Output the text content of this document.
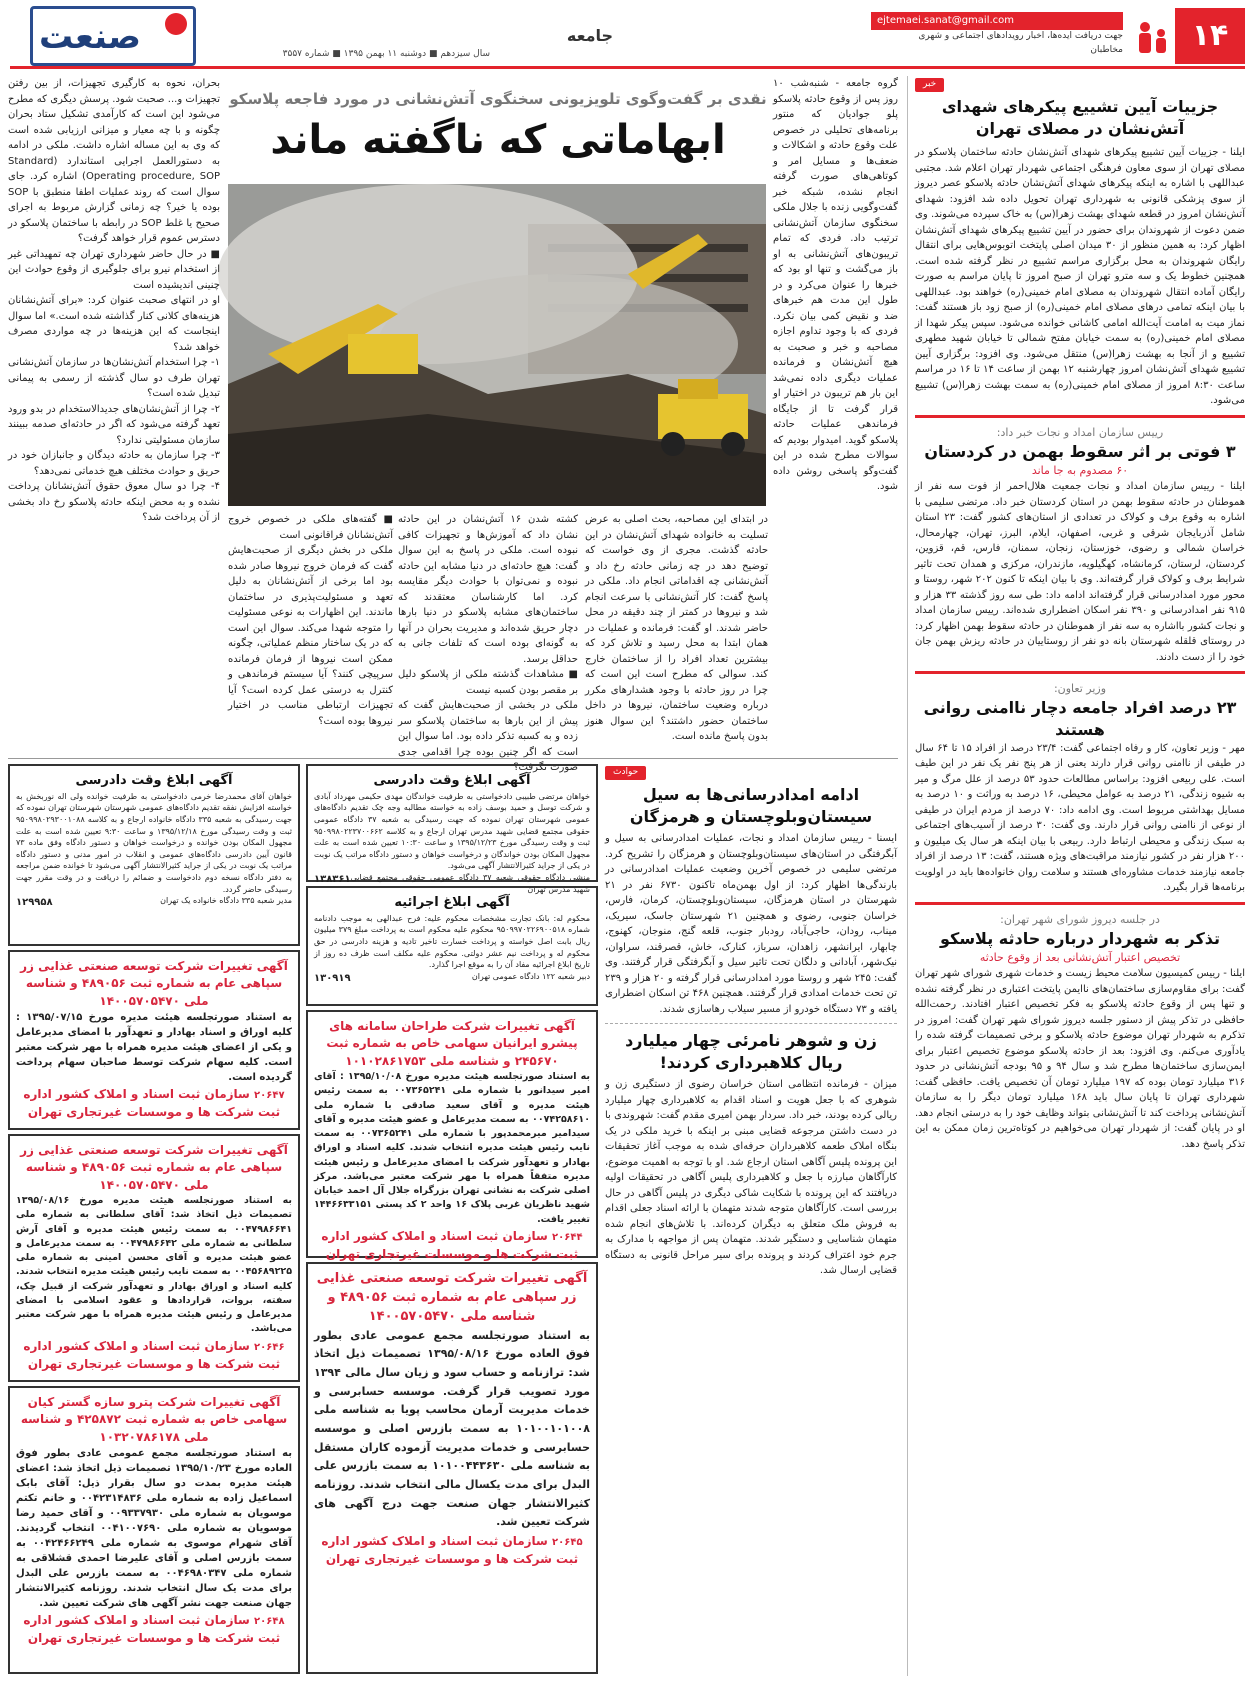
۱۴
ejtemaei.sanat@gmail.com
جهت دریافت ایده‌ها، اخبار رویدادهای اجتماعی و شهری مخاطبان
جامعه
صنعت	سال سیزدهم ■ دوشنبه ۱۱ بهمن ۱۳۹۵ ■ شماره ۳۵۵۷
خبر
جزییات آیین تشییع پیکرهای شهدای آتش‌نشان در مصلای تهران

ایلنا - جزییات آیین تشییع پیکرهای شهدای آتش‌نشان حادثه ساختمان پلاسکو در مصلای تهران از سوی معاون فرهنگی اجتماعی شهردار تهران اعلام شد. مجتبی عبداللهی با اشاره به اینکه پیکرهای شهدای آتش‌نشان حادثه پلاسکو عصر دیروز از سوی پزشکی قانونی به شهرداری تهران تحویل داده شد افزود: شهدای آتش‌نشان امروز در قطعه شهدای بهشت زهرا(س) به خاک سپرده می‌شوند. وی ضمن دعوت از شهروندان برای حضور در آیین تشییع پیکرهای شهدای آتش‌نشان اظهار کرد: به همین منظور از ۳۰ میدان اصلی پایتخت اتوبوس‌هایی برای انتقال رایگان شهروندان به محل برگزاری مراسم تشییع در نظر گرفته شده است. همچنین خطوط یک و سه مترو تهران از صبح امروز تا پایان مراسم به صورت رایگان آماده انتقال شهروندان به مصلای امام خمینی(ره) خواهند بود. عبداللهی با بیان اینکه تمامی درهای مصلای امام خمینی(ره) از صبح زود باز هستند گفت: نماز میت به امامت آیت‌الله امامی کاشانی خوانده می‌شود. سپس پیکر شهدا از مصلای امام خمینی(ره) به سمت خیابان مفتح شمالی تا خیابان شهید مطهری تشییع و از آنجا به بهشت زهرا(س) منتقل می‌شود. وی افزود: برگزاری آیین تشییع شهدای آتش‌نشان امروز چهارشنبه ۱۲ بهمن از ساعت ۱۴ تا ۱۶ در مراسم ساعت ۸:۳۰ امروز از مصلای امام خمینی(ره) به سمت بهشت زهرا(س) تشییع می‌شود.

رییس سازمان امداد و نجات خبر داد:
۳ فوتی بر اثر سقوط بهمن در کردستان
۶۰ مصدوم به جا ماند

ایلنا - رییس سازمان امداد و نجات جمعیت هلال‌احمر از فوت سه نفر از هموطنان در حادثه سقوط بهمن در استان کردستان خبر داد. مرتضی سلیمی با اشاره به وقوع برف و کولاک در تعدادی از استان‌های کشور گفت: ۲۳ استان شامل آذربایجان شرقی و غربی، اصفهان، ایلام، البرز، تهران، چهارمحال، خراسان شمالی و رضوی، خوزستان، زنجان، سمنان، فارس، قم، قزوین، کردستان، لرستان، کرمانشاه، کهگیلویه، مازندران، مرکزی و همدان تحت تاثیر شرایط برف و کولاک قرار گرفته‌اند. وی با بیان اینکه تا کنون ۲۰۲ شهر، روستا و محور مورد امدادرسانی قرار گرفته‌اند ادامه داد: طی سه روز گذشته ۳۳ هزار و ۹۱۵ نفر امدادرسانی و ۳۹۰ نفر اسکان اضطراری شده‌اند. رییس سازمان امداد و نجات کشور بااشاره به سه نفر از هموطنان در حادثه سقوط بهمن اظهار کرد: در روستای قلقله شهرستان بانه دو نفر از روستاییان در حادثه ریزش بهمن جان خود را از دست دادند.

وزیر تعاون:
۲۳ درصد افراد جامعه دچار ناامنی روانی هستند

مهر - وزیر تعاون، کار و رفاه اجتماعی گفت: ۲۳/۴ درصد از افراد ۱۵ تا ۶۴ سال در طیفی از ناامنی روانی قرار دارند یعنی از هر پنج نفر یک نفر در این طیف است. علی ربیعی افزود: براساس مطالعات حدود ۵۳ درصد از علل مرگ و میر به شیوه زندگی، ۲۱ درصد به عوامل محیطی، ۱۶ درصد به وراثت و ۱۰ درصد به مسایل بهداشتی مربوط است. وی ادامه داد: ۷۰ درصد از مردم ایران در طیفی از نوعی از ناامنی روانی قرار دارند. وی گفت: ۳۰ درصد از آسیب‌های اجتماعی به سبک زندگی و محیطی ارتباط دارد. ربیعی با بیان اینکه هر سال یک میلیون و ۲۰۰ هزار نفر در کشور نیازمند مراقبت‌های ویژه هستند، گفت: ۱۳ درصد از افراد جامعه نیازمند خدمات مشاوره‌ای هستند و سلامت روان خانواده‌ها باید در اولویت برنامه‌ها قرار بگیرد.

در جلسه دیروز شورای شهر تهران:
تذکر به شهردار درباره حادثه پلاسکو
تخصیص اعتبار آتش‌نشانی بعد از وقوع حادثه

ایلنا - رییس کمیسیون سلامت محیط زیست و خدمات شهری شورای شهر تهران گفت: برای مقاوم‌سازی ساختمان‌های ناایمن پایتخت اعتباری در نظر گرفته نشده و تنها پس از وقوع حادثه پلاسکو به فکر تخصیص اعتبار افتادند. رحمت‌الله حافظی در تذکر پیش از دستور جلسه دیروز شورای شهر تهران گفت: امروز در تذکرم به شهردار تهران موضوع حادثه پلاسکو و برخی تصمیمات گرفته شده را یادآوری می‌کنم. وی افزود: بعد از حادثه پلاسکو موضوع تخصیص اعتبار برای ایمن‌سازی ساختمان‌ها مطرح شد و سال ۹۴ و ۹۵ بودجه آتش‌نشانی در حدود ۳۱۶ میلیارد تومان بوده که ۱۹۷ میلیارد تومان آن تخصیص یافت. حافظی گفت: شهرداری تهران تا پایان سال باید ۱۶۸ میلیارد تومان دیگر را به سازمان آتش‌نشانی پرداخت کند تا آتش‌نشانی بتواند وظایف خود را به درستی انجام دهد. او در پایان گفت: از شهردار تهران می‌خواهیم در کوتاه‌ترین زمان ممکن به این تذکر پاسخ دهد.

نقدی بر گفت‌وگوی تلویزیونی سخنگوی آتش‌نشانی در مورد فاجعه پلاسکو
ابهاماتی که ناگفته ماند
گروه جامعه - شنبه‌شب ۱۰ روز پس از وقوع حادثه پلاسکو پلو جوادیان که منتور برنامه‌های تحلیلی در خصوص علت وقوع حادثه و اشکالات و ضعف‌ها و مسایل امر و کوتاهی‌های صورت گرفته انجام نشده، شبکه خبر گفت‌وگویی زنده با جلال ملکی سخنگوی سازمان آتش‌نشانی ترتیب داد. فردی که تمام تریبون‌های آتش‌نشانی به او باز می‌گشت و تنها او بود که خبرها را عنوان می‌کرد و در طول این مدت هم خبرهای ضد و نقیض کمی بیان نکرد. فردی که با وجود تداوم اجازه مصاحبه و خبر و صحبت به هیچ آتش‌نشان و فرمانده عملیات دیگری داده نمی‌شد این بار هم تریبون در اختیار او قرار گرفت تا از جایگاه فرماندهی عملیات حادثه پلاسکو گوید. امیدوار بودیم که سوالات مطرح شده در این گفت‌وگو پاسخی روشن داده شود.
در ابتدای این مصاحبه، بحث اصلی به عرض تسلیت به خانواده شهدای آتش‌نشان در این حادثه گذشت. مجری از وی خواست که توضیح دهد در چه زمانی حادثه رخ داد و آتش‌نشانی چه اقداماتی انجام داد. ملکی در پاسخ گفت: کار آتش‌نشانی با سرعت انجام شد و نیروها در کمتر از چند دقیقه در محل حاضر شدند. او گفت: فرمانده و عملیات در همان ابتدا به محل رسید و تلاش کرد که بیشترین تعداد افراد را از ساختمان خارج کند. سوالی که مطرح است این است که چرا در روز حادثه با وجود هشدارهای مکرر درباره وضعیت ساختمان، نیروها در داخل ساختمان حضور داشتند؟ این سوال هنوز بدون پاسخ مانده است.
کشته شدن ۱۶ آتش‌نشان در این حادثه نشان داد که آموزش‌ها و تجهیزات کافی نبوده است. ملکی در پاسخ به این سوال گفت: هیچ حادثه‌ای در دنیا مشابه این حادثه نبوده و نمی‌توان با حوادث دیگر مقایسه کرد. اما کارشناسان معتقدند که ساختمان‌های مشابه پلاسکو در دنیا بارها دچار حریق شده‌اند و مدیریت بحران در آنها به گونه‌ای بوده است که تلفات جانی به حداقل برسد.
■ مشاهدات گذشته ملکی از پلاسکو دلیل بر مقصر بودن کسبه نیست
ملکی در بخشی از صحبت‌هایش گفت که پیش از این بارها به ساختمان پلاسکو سر زده و به کسبه تذکر داده بود. اما سوال این است که اگر چنین بوده چرا اقدامی جدی صورت نگرفت؟
■ گفته‌های ملکی در خصوص خروج آتش‌نشانان فراقانونی است
ملکی در بخش دیگری از صحبت‌هایش گفت که فرمان خروج نیروها صادر شده بود اما برخی از آتش‌نشانان به دلیل تعهد و مسئولیت‌پذیری در ساختمان ماندند. این اظهارات به نوعی مسئولیت را متوجه شهدا می‌کند. سوال این است که در یک ساختار منظم عملیاتی، چگونه ممکن است نیروها از فرمان فرمانده سرپیچی کنند؟ آیا سیستم فرماندهی و کنترل به درستی عمل کرده است؟ آیا تجهیزات ارتباطی مناسب در اختیار نیروها بوده است؟
بحران، نحوه به کارگیری تجهیزات، از بین رفتن تجهیزات و... صحبت شود. پرسش دیگری که مطرح می‌شود این است که کارآمدی تشکیل ستاد بحران چگونه و با چه معیار و میزانی ارزیابی شده است که وی به این مساله اشاره داشت. ملکی در ادامه به دستورالعمل اجرایی استاندارد (Standard Operating procedure, SOP) اشاره کرد. جای سوال است که روند عملیات اطفا منطبق با SOP بوده یا خیر؟ چه زمانی گزارش مربوط به اجرای صحیح یا غلط SOP در رابطه با ساختمان پلاسکو در دسترس عموم قرار خواهد گرفت؟
■ در حال حاضر شهرداری تهران چه تمهیداتی غیر از استخدام نیرو برای جلوگیری از وقوع حوادث این چنینی اندیشیده است
او در انتهای صحبت عنوان کرد: «برای آتش‌نشانان هزینه‌های کلانی کنار گذاشته شده است.» اما سوال اینجاست که این هزینه‌ها در چه مواردی مصرف خواهد شد؟
۱- چرا استخدام آتش‌نشان‌ها در سازمان آتش‌نشانی تهران طرف دو سال گذشته از رسمی به پیمانی تبدیل شده است؟
۲- چرا از آتش‌نشان‌های جدیدالاستخدام در بدو ورود تعهد گرفته می‌شود که اگر در حادثه‌ای صدمه ببینند سازمان مسئولیتی ندارد؟
۳- چرا سازمان به حادثه دیدگان و جانبازان خود در حریق و حوادث مختلف هیچ خدماتی نمی‌دهد؟
۴- چرا دو سال معوق حقوق آتش‌نشانان پرداخت نشده و به محض اینکه حادثه پلاسکو رخ داد بخشی از آن پرداخت شد؟
حوادث
ادامه امدادرسانی‌ها به سیل سیستان‌وبلوچستان و هرمزگان

ایسنا - رییس سازمان امداد و نجات، عملیات امدادرسانی به سیل و آبگرفتگی در استان‌های سیستان‌وبلوچستان و هرمزگان را تشریح کرد. مرتضی سلیمی در خصوص آخرین وضعیت عملیات امدادرسانی در بارندگی‌ها اظهار کرد: از اول بهمن‌ماه تاکنون ۶۷۳۰ نفر در ۲۱ شهرستان در استان هرمزگان، سیستان‌وبلوچستان، کرمان، فارس، خراسان جنوبی، رضوی و همچنین ۲۱ شهرستان جاسک، سیریک، میناب، رودان، حاجی‌آباد، رودبار جنوب، قلعه گنج، منوجان، کهنوج، چابهار، ایرانشهر، زاهدان، سرباز، کنارک، خاش، قصرقند، سراوان، نیک‌شهر، آبادانی و دلگان تحت تاثیر سیل و آبگرفتگی قرار گرفتند. وی گفت: ۲۴۵ شهر و روستا مورد امدادرسانی قرار گرفته و ۲۰ هزار و ۲۳۹ تن تحت خدمات امدادی قرار گرفتند. همچنین ۴۶۸ تن اسکان اضطراری یافته و ۷۳ دستگاه خودرو از مسیر سیلاب رهاسازی شدند.

زن و شوهر نامرئی چهار میلیارد ریال کلاهبرداری کردند!

میزان - فرمانده انتظامی استان خراسان رضوی از دستگیری زن و شوهری که با جعل هویت و اسناد اقدام به کلاهبرداری چهار میلیارد ریالی کرده بودند، خبر داد. سردار بهمن امیری مقدم گفت: شهروندی با در دست داشتن مرجوعه قضایی مبنی بر اینکه با خرید ملکی در یک بنگاه املاک طعمه کلاهبرداران حرفه‌ای شده به موجب آغاز تحقیقات این پرونده پلیس آگاهی استان ارجاع شد. او با توجه به اهمیت موضوع، کارآگاهان مبارزه با جعل و کلاهبرداری پلیس آگاهی در تحقیقات اولیه دریافتند که این پرونده با شکایت شاکی دیگری در پلیس آگاهی در حال بررسی است. کارآگاهان متوجه شدند متهمان با ارائه اسناد جعلی اقدام به فروش ملک متعلق به دیگران کرده‌اند. با تلاش‌های انجام شده متهمان شناسایی و دستگیر شدند. متهمان پس از مواجهه با مدارک به جرم خود اعتراف کردند و پرونده برای سیر مراحل قانونی به دستگاه قضایی ارسال شد.

آگهی ابلاغ وقت دادرسی
خواهان آقای محمدرضا خرمی دادخواستی به طرفیت خوانده ولی اله نوربخش به خواسته افزایش نفقه تقدیم دادگاه‌های عمومی شهرستان شهرستان تهران نموده که جهت رسیدگی به شعبه ۳۳۵ دادگاه خانواده ارجاع و به کلاسه ۹۵۰۹۹۸۰۲۹۳۰۰۱۰۸۸ ثبت و وقت رسیدگی مورخ ۱۳۹۵/۱۲/۱۸ و ساعت ۹:۳۰ تعیین شده است به علت مجهول المکان بودن خوانده و درخواست خواهان و دستور دادگاه وفق ماده ۷۳ قانون آیین دادرسی دادگاه‌های عمومی و انقلاب در امور مدنی و دستور دادگاه مراتب یک نوبت در یکی از جراید کثیرالانتشار آگهی می‌شود تا خوانده ضمن مراجعه به دفتر دادگاه نسخه دوم دادخواست و ضمائم را دریافت و در وقت مقرر جهت رسیدگی حاضر گردد.
مدیر شعبه ۳۳۵ دادگاه خانواده یک تهران
۱۲۹۹۵۸
آگهی ابلاغ وقت دادرسی
خواهان مرتضی طبیبی دادخواستی به طرفیت خواندگان مهدی حکیمی مهرداد آبادی و شرکت توسل و حمید بوسف زاده به خواسته مطالبه وجه چک تقدیم دادگاه‌های عمومی شهرستان تهران نموده که جهت رسیدگی به شعبه ۳۷ دادگاه عمومی حقوقی مجتمع قضایی شهید مدرس تهران ارجاع و به کلاسه ۹۵۰۹۹۸۰۲۲۳۷۰۰۶۶۲ ثبت و وقت رسیدگی مورخ ۱۳۹۵/۱۲/۲۳ و ساعت ۱۰:۳۰ تعیین شده است به علت مجهول المکان بودن خواندگان و درخواست خواهان و دستور دادگاه مراتب یک نوبت در یکی از جراید کثیرالانتشار آگهی می‌شود.
منشی دادگاه حقوقی شعبه ۳۷ دادگاه عمومی حقوقی مجتمع قضایی شهید مدرس تهران
۱۳۸۳۶۱
آگهی ابلاغ اجرائیه
محکوم له: بانک تجارت مشخصات محکوم علیه: فرح عبدالهی به موجب دادنامه شماره ۹۵۰۹۹۷۰۲۲۶۹۰۰۵۱۸ محکوم علیه محکوم است به پرداخت مبلغ ۳۷۹ میلیون ریال بابت اصل خواسته و پرداخت خسارت تاخیر تادیه و هزینه دادرسی در حق محکوم له و پرداخت نیم عشر دولتی. محکوم علیه مکلف است ظرف ده روز از تاریخ ابلاغ اجرائیه مفاد آن را به موقع اجرا گذارد.
دبیر شعبه ۱۲۲ دادگاه عمومی تهران
۱۳۰۹۱۹
آگهی تغییرات شرکت توسعه صنعتی غذایی زر سپاهی عام به شماره ثبت ۴۸۹۰۵۶ و شناسه ملی ۱۴۰۰۵۷۰۵۴۷۰
به استناد صورتجلسه هیئت مدیره مورخ ۱۳۹۵/۰۷/۱۵ : کلیه اوراق و اسناد بهادار و تعهدآور با امضای مدیرعامل و یکی از اعضای هیئت مدیره همراه با مهر شرکت معتبر است. کلیه سهام شرکت توسط صاحبان سهام پرداخت گردیده است.
۲۰۶۴۷ سازمان ثبت اسناد و املاک کشور اداره ثبت شرکت ها و موسسات غیرتجاری تهران
آگهی تغییرات شرکت طراحان سامانه های پیشرو ایرانیان سهامی خاص به شماره ثبت ۲۴۵۶۷۰ و شناسه ملی ۱۰۱۰۲۸۶۱۷۵۳
به استناد صورتجلسه هیئت مدیره مورخ ۱۳۹۵/۱۰/۰۸ : آقای امیر سیدانور با شماره ملی ۰۰۷۳۶۵۲۴۱ به سمت رئیس هیئت مدیره و آقای سعید صادقی با شماره ملی ۰۰۷۴۲۵۸۶۱۰ به سمت مدیرعامل و عضو هیئت مدیره و آقای سیدامیر میرمحمدپور با شماره ملی ۰۰۷۳۶۵۲۴۱ به سمت نایب رئیس هیئت مدیره انتخاب شدند. کلیه اسناد و اوراق بهادار و تعهدآور شرکت با امضای مدیرعامل و رئیس هیئت مدیره متفقاً همراه با مهر شرکت معتبر می‌باشد. مرکز اصلی شرکت به نشانی تهران بزرگراه جلال آل احمد خیابان شهید ناظریان غربی پلاک ۱۶ واحد ۲ کد پستی ۱۴۴۶۶۳۳۱۵۱ تغییر یافت.
۲۰۶۴۴ سازمان ثبت اسناد و املاک کشور اداره ثبت شرکت ها و موسسات غیرتجاری تهران
آگهی تغییرات شرکت توسعه صنعتی غذایی زر سپاهی عام به شماره ثبت ۴۸۹۰۵۶ و شناسه ملی ۱۴۰۰۵۷۰۵۴۷۰
به استناد صورتجلسه هیئت مدیره مورخ ۱۳۹۵/۰۸/۱۶ تصمیمات ذیل اتخاذ شد: آقای سلطانی به شماره ملی ۰۰۴۷۹۸۶۶۴۱ به سمت رئیس هیئت مدیره و آقای آرش سلطانی به شماره ملی ۰۰۴۷۹۸۶۶۴۲ به سمت مدیرعامل و عضو هیئت مدیره و آقای محسن امینی به شماره ملی ۰۰۴۵۶۸۹۲۲۵ به سمت نایب رئیس هیئت مدیره انتخاب شدند. کلیه اسناد و اوراق بهادار و تعهدآور شرکت از قبیل چک، سفته، بروات، قراردادها و عقود اسلامی با امضای مدیرعامل و رئیس هیئت مدیره همراه با مهر شرکت معتبر می‌باشد.
۲۰۶۴۶ سازمان ثبت اسناد و املاک کشور اداره ثبت شرکت ها و موسسات غیرتجاری تهران
آگهی تغییرات شرکت پترو سازه گستر کیان سهامی خاص به شماره ثبت ۴۲۵۸۷۲ و شناسه ملی ۱۰۳۲۰۷۸۶۱۷۸
به استناد صورتجلسه مجمع عمومی عادی بطور فوق العاده مورخ ۱۳۹۵/۱۰/۲۳ تصمیمات ذیل اتخاذ شد: اعضای هیئت مدیره بمدت دو سال بقرار ذیل: آقای بابک اسماعیل زاده به شماره ملی ۰۰۴۲۳۱۴۸۳۶ و خانم تکتم موسویان به شماره ملی ۰۰۹۳۳۷۹۳۰ و آقای حمید رضا موسویان به شماره ملی ۰۰۴۱۰۰۷۶۹۰ انتخاب گردیدند. آقای شهرام موسوی به شماره ملی ۰۰۴۲۴۶۶۲۴۹ به سمت بازرس اصلی و آقای علیرضا احمدی قشلاقی به شماره ملی ۰۰۴۶۹۸۰۳۴۷ به سمت بازرس علی البدل برای مدت یک سال انتخاب شدند. روزنامه کثیرالانتشار جهان صنعت جهت نشر آگهی های شرکت تعیین شد.
۲۰۶۴۸ سازمان ثبت اسناد و املاک کشور اداره ثبت شرکت ها و موسسات غیرتجاری تهران
آگهی تغییرات شرکت توسعه صنعتی غذایی زر سپاهی عام به شماره ثبت ۴۸۹۰۵۶ و شناسه ملی ۱۴۰۰۵۷۰۵۴۷۰
به استناد صورتجلسه مجمع عمومی عادی بطور فوق العاده مورخ ۱۳۹۵/۰۸/۱۶ تصمیمات ذیل اتخاذ شد: ترازنامه و حساب سود و زیان سال مالی ۱۳۹۴ مورد تصویب قرار گرفت. موسسه حسابرسی و خدمات مدیریت آرمان محاسب پویا به شناسه ملی ۱۰۱۰۰۱۰۱۰۰۸ به سمت بازرس اصلی و موسسه حسابرسی و خدمات مدیریت آزموده کاران مستقل به شناسه ملی ۱۰۱۰۰۴۴۳۶۳۰ به سمت بازرس علی البدل برای مدت یکسال مالی انتخاب شدند. روزنامه کثیرالانتشار جهان صنعت جهت درج آگهی های شرکت تعیین شد.
۲۰۶۴۵ سازمان ثبت اسناد و املاک کشور اداره ثبت شرکت ها و موسسات غیرتجاری تهران
